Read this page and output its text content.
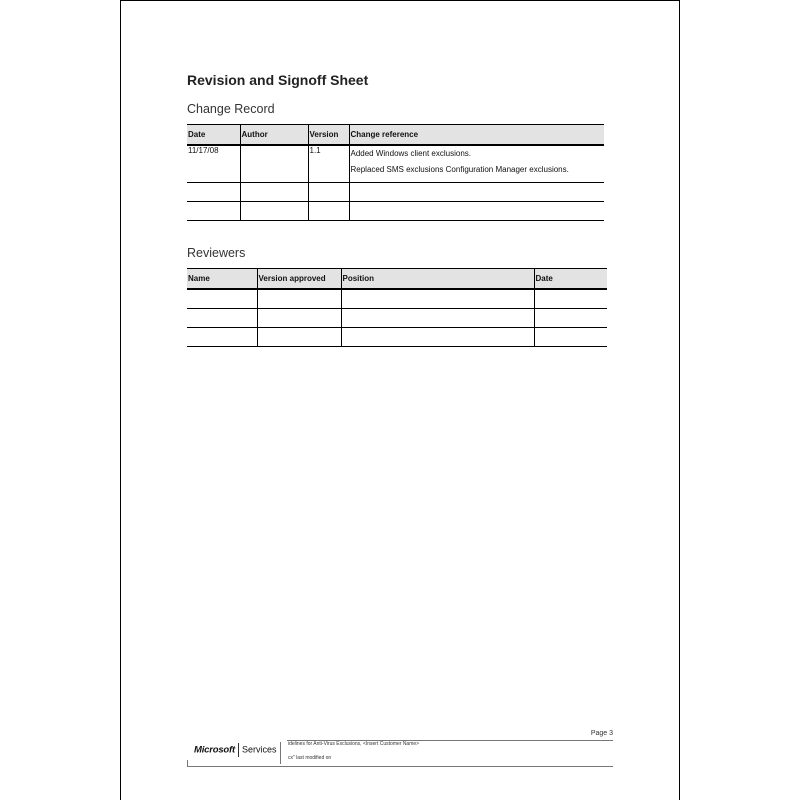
Revision and Signoff Sheet
Change Record
Date	Author	Version	Change reference
11/17/08		1.1	Added Windows client exclusions.
Replaced SMS exclusions Configuration Manager exclusions.

Reviewers
Name	Version approved	Position	Date

Page 3
Microsoft Services
idelines for Anti-Virus Exclusions, <Insert Customer Name>
cx" last modified on
